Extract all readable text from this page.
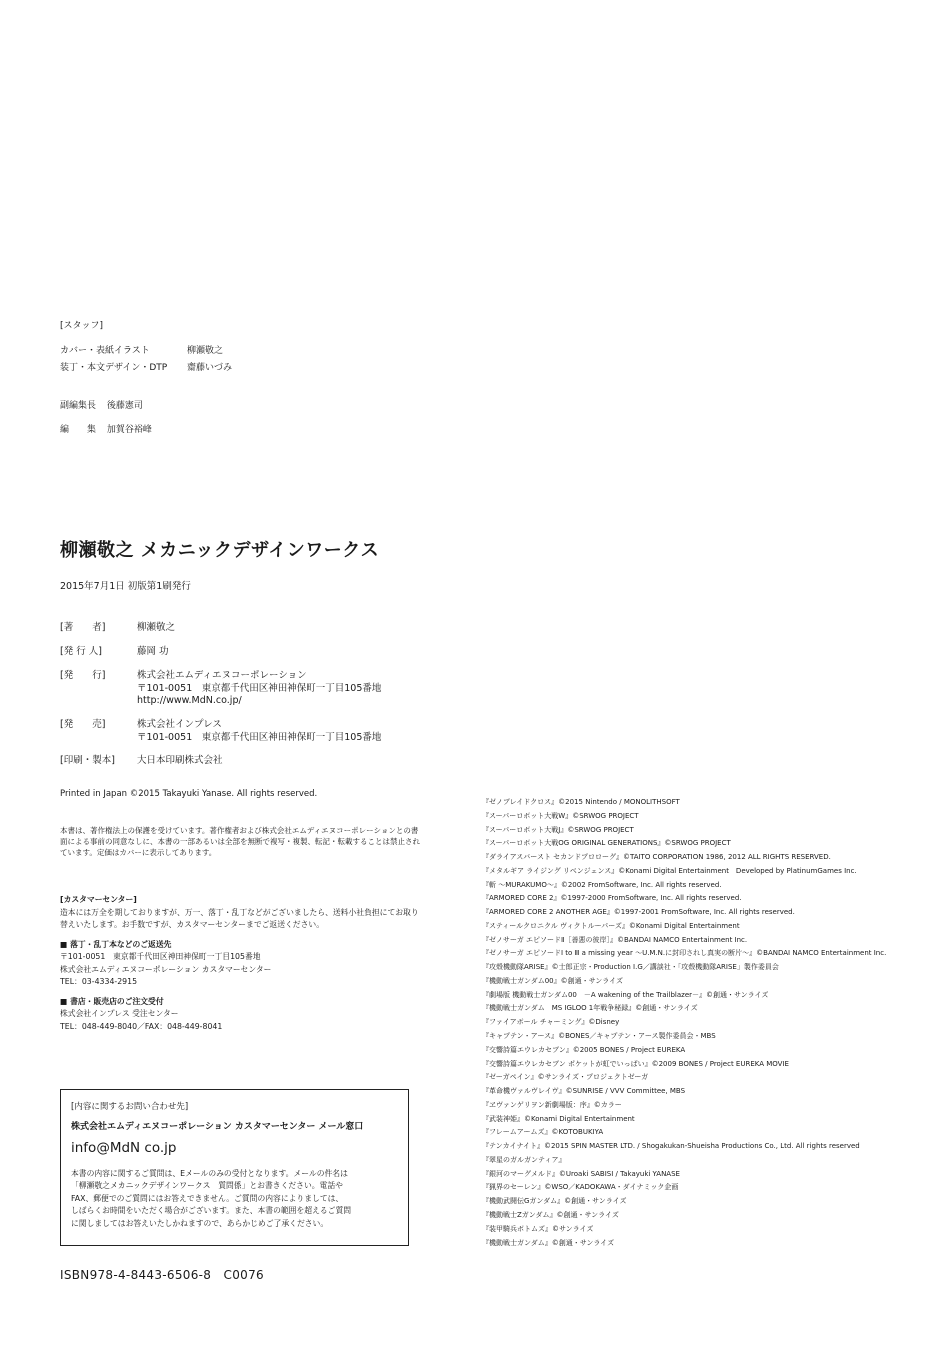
[スタッフ]
カバー・表紙イラスト	柳瀬敬之
装丁・本文デザイン・DTP 齋藤いづみ
副編集長 後藤憲司
編　　集 加賀谷裕峰
柳瀬敬之 メカニックデザインワークス
2015年7月1日 初版第1刷発行
[著　　者]	柳瀬敬之
[発 行 人]	藤岡 功
[発　　行]	株式会社エムディエヌコーポレーション
〒101-0051　東京都千代田区神田神保町一丁目105番地
http://www.MdN.co.jp/
[発　　売]	株式会社インプレス
〒101-0051　東京都千代田区神田神保町一丁目105番地
[印刷・製本] 大日本印刷株式会社
Printed in Japan ©2015 Takayuki Yanase. All rights reserved.
本書は、著作権法上の保護を受けています。著作権者および株式会社エムディエヌコーポレーションとの書面による事前の同意なしに、本書の一部あるいは全部を無断で複写・複製、転記・転載することは禁止されています。定価はカバーに表示してあります。
[カスタマーセンター]
造本には万全を期しておりますが、万一、落丁・乱丁などがございましたら、送料小社負担にてお取り替えいたします。お手数ですが、カスタマーセンターまでご返送ください。
■ 落丁・乱丁本などのご返送先
〒101-0051　東京都千代田区神田神保町一丁目105番地
株式会社エムディエヌコーポレーション カスタマーセンター
TEL：03-4334-2915
■ 書店・販売店のご注文受付
株式会社インプレス 受注センター
TEL：048-449-8040／FAX：048-449-8041
[内容に関するお問い合わせ先]
株式会社エムディエヌコーポレーション カスタマーセンター メール窓口
info@MdN co.jp
本書の内容に関するご質問は、Eメールのみの受付となります。メールの件名は
「柳瀬敬之メカニックデザインワークス　質問係」とお書きください。電話や
FAX、郵便でのご質問にはお答えできません。ご質問の内容によりましては、
しばらくお時間をいただく場合がございます。また、本書の範囲を超えるご質問
に関しましてはお答えいたしかねますので、あらかじめご了承ください。
ISBN978-4-8443-6506-8　C0076
『ゼノブレイドクロス』©2015 Nintendo / MONOLITHSOFT
『スーパーロボット大戦W』©SRWOG PROJECT
『スーパーロボット大戦J』©SRWOG PROJECT
『スーパーロボット大戦OG ORIGINAL GENERATIONS』©SRWOG PROJECT
『ダライアスバースト セカンドプロローグ』©TAITO CORPORATION 1986, 2012 ALL RIGHTS RESERVED.
『メタルギア ライジング リベンジェンス』©Konami Digital Entertainment　Developed by PlatinumGames Inc.
『斬 ～MURAKUMO～』©2002 FromSoftware, Inc. All rights reserved.
『ARMORED CORE 2』©1997-2000 FromSoftware, Inc. All rights reserved.
『ARMORED CORE 2 ANOTHER AGE』©1997-2001 FromSoftware, Inc. All rights reserved.
『スティールクロニクル ヴィクトルーパーズ』©Konami Digital Entertainment
『ゼノサーガ エピソードⅡ［善悪の彼岸］』©BANDAI NAMCO Entertainment Inc.
『ゼノサーガ エピソードⅠ to Ⅲ a missing year ～U.M.N.に封印されし真実の断片～』©BANDAI NAMCO Entertainment Inc.
『攻殻機動隊ARISE』©士郎正宗・Production I.G／講談社・「攻殻機動隊ARISE」製作委員会
『機動戦士ガンダム00』©創通・サンライズ
『劇場版 機動戦士ガンダム00　－A wakening of the Trailblazer－』©創通・サンライズ
『機動戦士ガンダム　MS IGLOO 1年戦争秘録』©創通・サンライズ
『ファイアボール チャーミング』©Disney
『キャプテン・アース』©BONES／キャプテン・アース製作委員会・MBS
『交響詩篇エウレカセブン』©2005 BONES / Project EUREKA
『交響詩篇エウレカセブン ポケットが虹でいっぱい』©2009 BONES / Project EUREKA MOVIE
『ゼーガペイン』©サンライズ・プロジェクトゼーガ
『革命機ヴァルヴレイヴ』©SUNRISE / VVV Committee, MBS
『ヱヴァンゲリヲン新劇場版：序』©カラー
『武装神姫』©Konami Digital Entertainment
『フレームアームズ』©KOTOBUKIYA
『テンカイナイト』©2015 SPIN MASTER LTD. / Shogakukan-Shueisha Productions Co., Ltd. All rights reserved
『翠星のガルガンティア』
『銀河のマーグメルド』©Uroaki SABISI / Takayuki YANASE
『猟界のセーレン』©WSO／KADOKAWA・ダイナミック企画
『機動武闘伝Gガンダム』©創通・サンライズ
『機動戦士Zガンダム』©創通・サンライズ
『装甲騎兵ボトムズ』©サンライズ
『機動戦士ガンダム』©創通・サンライズ
